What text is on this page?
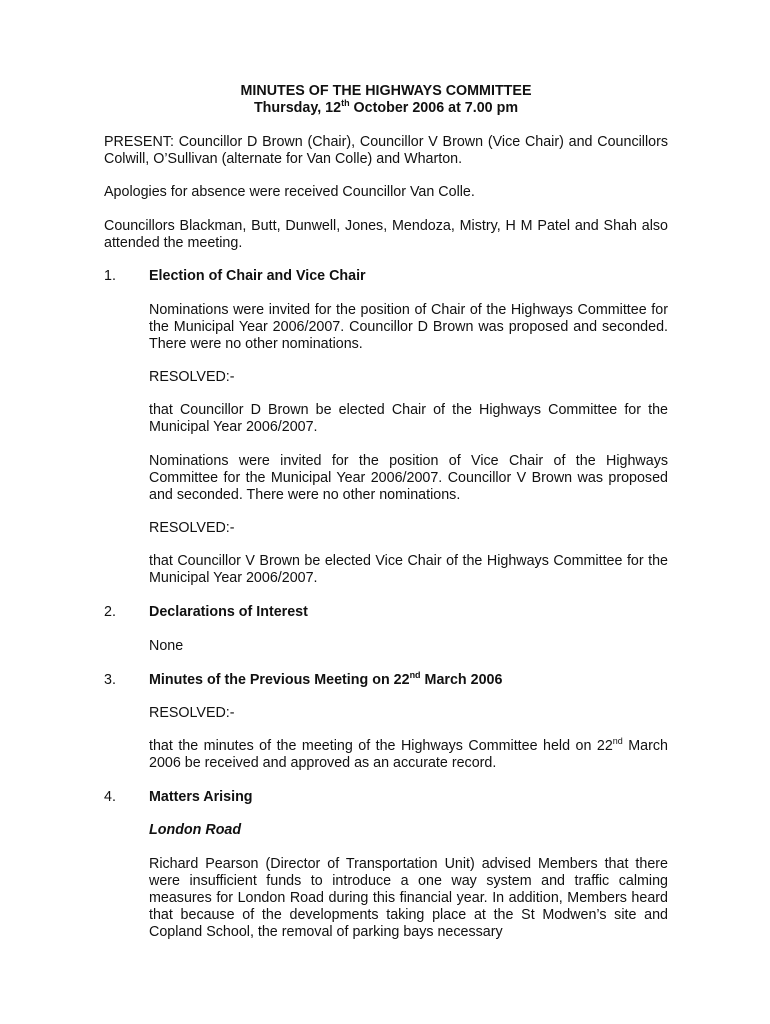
MINUTES OF THE HIGHWAYS COMMITTEE
Thursday, 12th October 2006 at 7.00 pm
PRESENT: Councillor D Brown (Chair), Councillor V Brown (Vice Chair) and Councillors Colwill, O’Sullivan (alternate for Van Colle) and Wharton.
Apologies for absence were received Councillor Van Colle.
Councillors Blackman, Butt, Dunwell, Jones, Mendoza, Mistry, H M Patel and Shah also attended the meeting.
1. Election of Chair and Vice Chair
Nominations were invited for the position of Chair of the Highways Committee for the Municipal Year 2006/2007. Councillor D Brown was proposed and seconded. There were no other nominations.
RESOLVED:-
that Councillor D Brown be elected Chair of the Highways Committee for the Municipal Year 2006/2007.
Nominations were invited for the position of Vice Chair of the Highways Committee for the Municipal Year 2006/2007. Councillor V Brown was proposed and seconded. There were no other nominations.
RESOLVED:-
that Councillor V Brown be elected Vice Chair of the Highways Committee for the Municipal Year 2006/2007.
2. Declarations of Interest
None
3. Minutes of the Previous Meeting on 22nd March 2006
RESOLVED:-
that the minutes of the meeting of the Highways Committee held on 22nd March 2006 be received and approved as an accurate record.
4. Matters Arising
London Road
Richard Pearson (Director of Transportation Unit) advised Members that there were insufficient funds to introduce a one way system and traffic calming measures for London Road during this financial year. In addition, Members heard that because of the developments taking place at the St Modwen’s site and Copland School, the removal of parking bays necessary
